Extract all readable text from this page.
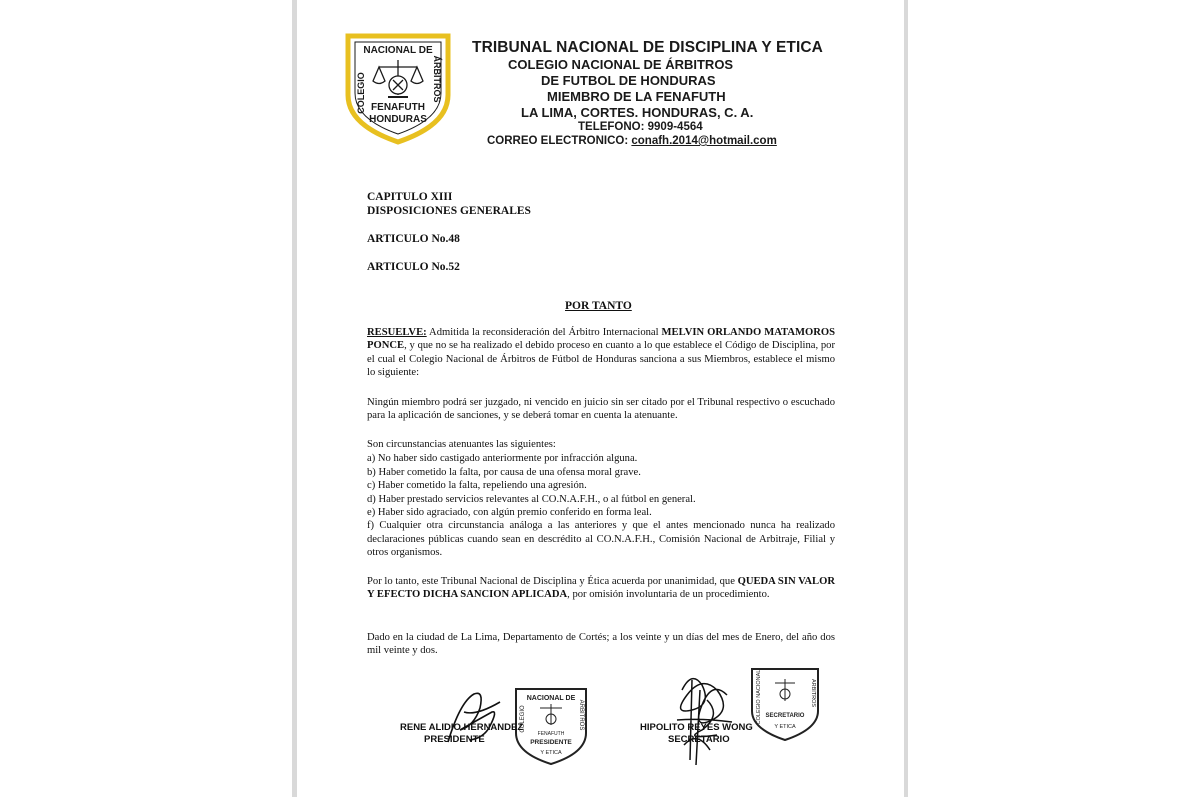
NACIONAL DE
COLEGIO	ÁRBITROS
FENAFUTH
HONDURAS
TRIBUNAL NACIONAL DE DISCIPLINA Y ETICA
COLEGIO NACIONAL DE ÁRBITROS
DE FUTBOL DE HONDURAS
MIEMBRO DE LA FENAFUTH
LA LIMA, CORTES. HONDURAS, C. A.
TELEFONO: 9909-4564
CORREO ELECTRONICO: conafh.2014@hotmail.com
CAPITULO XIII
DISPOSICIONES GENERALES
ARTICULO No.48
ARTICULO No.52
POR TANTO
RESUELVE: Admitida la reconsideración del Árbitro Internacional MELVIN ORLANDO MATAMOROS PONCE, y que no se ha realizado el debido proceso en cuanto a lo que establece el Código de Disciplina, por el cual el Colegio Nacional de Árbitros de Fútbol de Honduras sanciona a sus Miembros, establece el mismo lo siguiente:
Ningún miembro podrá ser juzgado, ni vencido en juicio sin ser citado por el Tribunal respectivo o escuchado para la aplicación de sanciones, y se deberá tomar en cuenta la atenuante.
Son circunstancias atenuantes las siguientes:
a) No haber sido castigado anteriormente por infracción alguna.
b) Haber cometido la falta, por causa de una ofensa moral grave.
c) Haber cometido la falta, repeliendo una agresión.
d) Haber prestado servicios relevantes al CO.N.A.F.H., o al fútbol en general.
e) Haber sido agraciado, con algún premio conferido en forma leal.
f) Cualquier otra circunstancia análoga a las anteriores y que el antes mencionado nunca ha realizado declaraciones públicas cuando sean en descrédito al CO.N.A.F.H., Comisión Nacional de Arbitraje, Filial y otros organismos.
Por lo tanto, este Tribunal Nacional de Disciplina y Ética acuerda por unanimidad, que QUEDA SIN VALOR Y EFECTO DICHA SANCION APLICADA, por omisión involuntaria de un procedimiento.
Dado en la ciudad de La Lima, Departamento de Cortés; a los veinte y un días del mes de Enero, del año dos mil veinte y dos.
NACIONAL DE
COLEGIO	ARBITROS
FENAFUTH
PRESIDENTE
Y ETICA
COLEGIO NACIONAL	ARBITROS
SECRETARIO
Y ETICA
RENE ALIDIO HERNANDEZ
PRESIDENTE
HIPOLITO REYES WONG
SECRETARIO
